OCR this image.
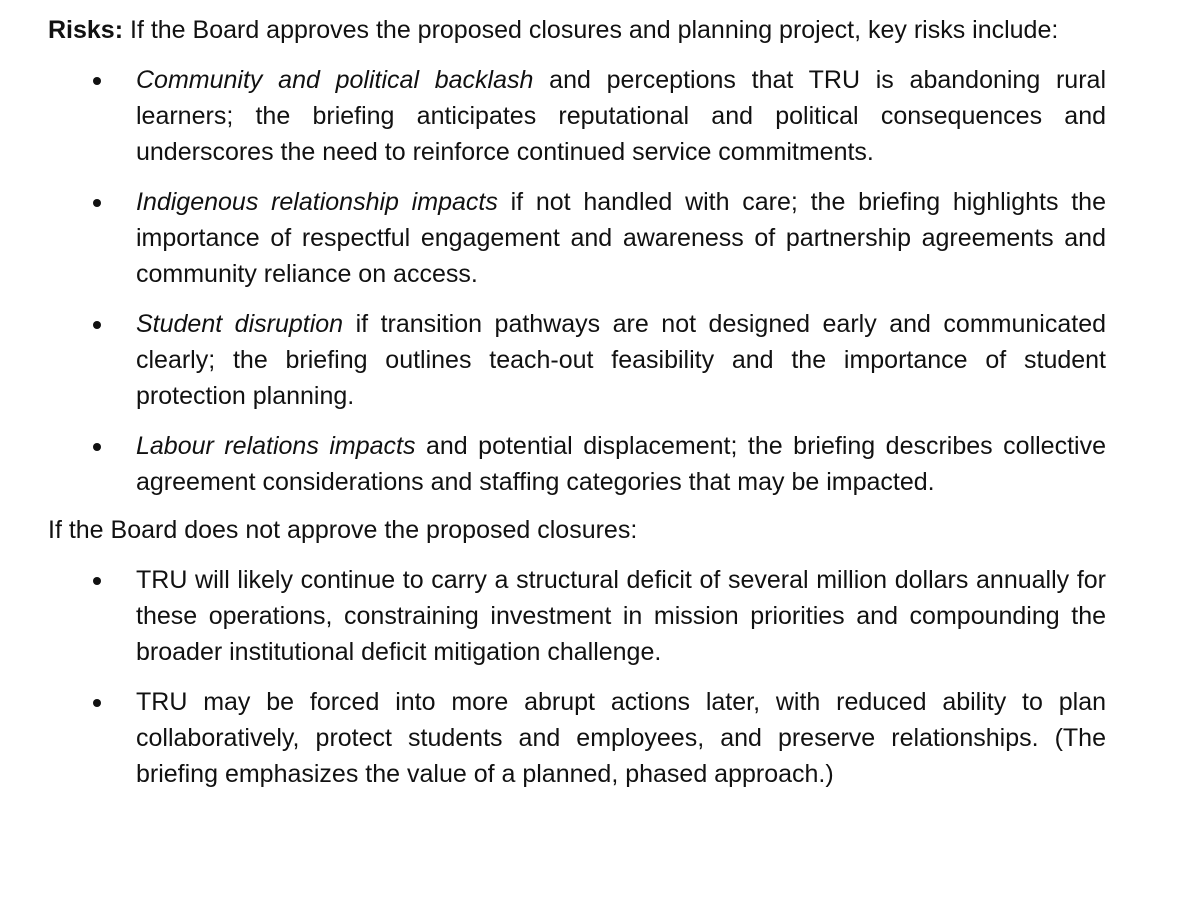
Risks: If the Board approves the proposed closures and planning project, key risks include:

Community and political backlash and perceptions that TRU is abandoning rural learners; the briefing anticipates reputational and political consequences and underscores the need to reinforce continued service commitments.
Indigenous relationship impacts if not handled with care; the briefing highlights the importance of respectful engagement and awareness of partnership agreements and community reliance on access.
Student disruption if transition pathways are not designed early and communicated clearly; the briefing outlines teach-out feasibility and the importance of student protection planning.
Labour relations impacts and potential displacement; the briefing describes collective agreement considerations and staffing categories that may be impacted.

If the Board does not approve the proposed closures:

TRU will likely continue to carry a structural deficit of several million dollars annually for these operations, constraining investment in mission priorities and compounding the broader institutional deficit mitigation challenge.
TRU may be forced into more abrupt actions later, with reduced ability to plan collaboratively, protect students and employees, and preserve relationships. (The briefing emphasizes the value of a planned, phased approach.)
